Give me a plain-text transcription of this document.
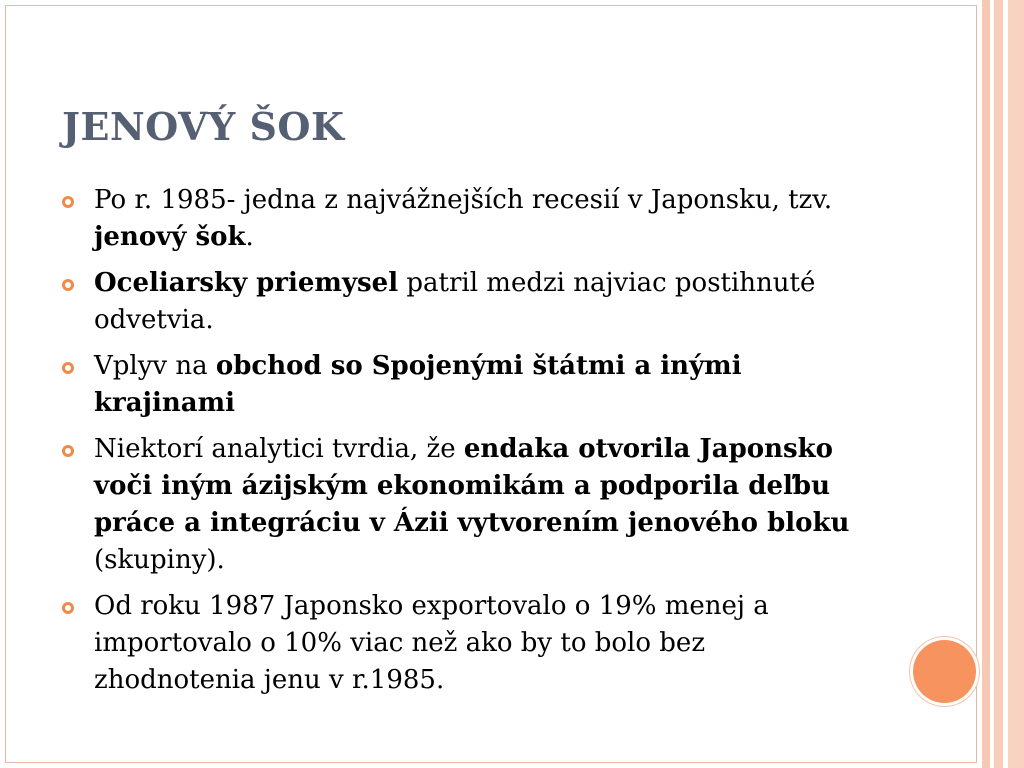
JENOVÝ ŠOK
Po r. 1985- jedna z najvážnejších recesií v Japonsku, tzv. jenový šok.
Oceliarsky priemysel patril medzi najviac postihnuté odvetvia.
Vplyv na obchod so Spojenými štátmi a inými krajinami
Niektorí analytici tvrdia, že endaka otvorila Japonsko voči iným ázijským ekonomikám a podporila deľbu práce a integráciu v Ázii vytvorením jenového bloku (skupiny).
Od roku 1987 Japonsko exportovalo o 19% menej a importovalo o 10% viac než ako by to bolo bez zhodnotenia jenu v r.1985.
